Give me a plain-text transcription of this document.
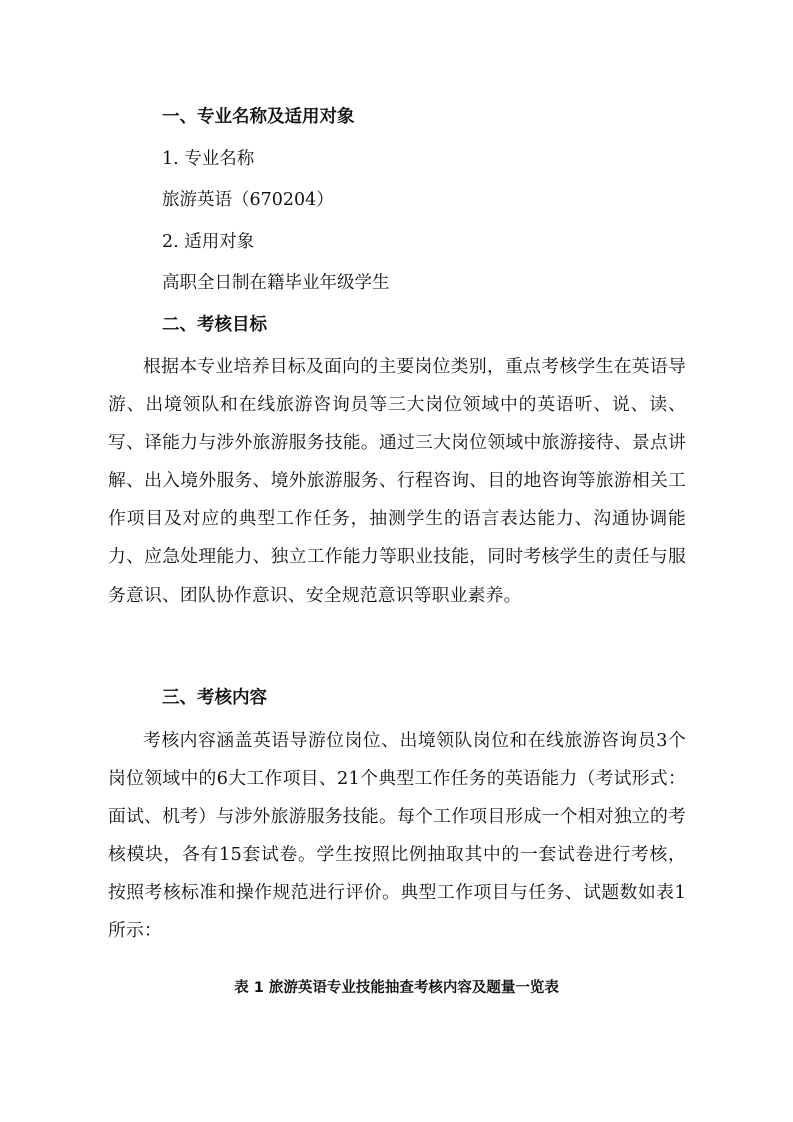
一、专业名称及适用对象
1. 专业名称
旅游英语（670204）
2. 适用对象
高职全日制在籍毕业年级学生
二、考核目标
根据本专业培养目标及面向的主要岗位类别，重点考核学生在英语导游、出境领队和在线旅游咨询员等三大岗位领域中的英语听、说、读、写、译能力与涉外旅游服务技能。通过三大岗位领域中旅游接待、景点讲解、出入境外服务、境外旅游服务、行程咨询、目的地咨询等旅游相关工作项目及对应的典型工作任务，抽测学生的语言表达能力、沟通协调能力、应急处理能力、独立工作能力等职业技能，同时考核学生的责任与服务意识、团队协作意识、安全规范意识等职业素养。
三、考核内容
考核内容涵盖英语导游位岗位、出境领队岗位和在线旅游咨询员3个岗位领域中的6大工作项目、21个典型工作任务的英语能力（考试形式：面试、机考）与涉外旅游服务技能。每个工作项目形成一个相对独立的考核模块，各有15套试卷。学生按照比例抽取其中的一套试卷进行考核，按照考核标准和操作规范进行评价。典型工作项目与任务、试题数如表1所示：
表 1 旅游英语专业技能抽查考核内容及题量一览表
